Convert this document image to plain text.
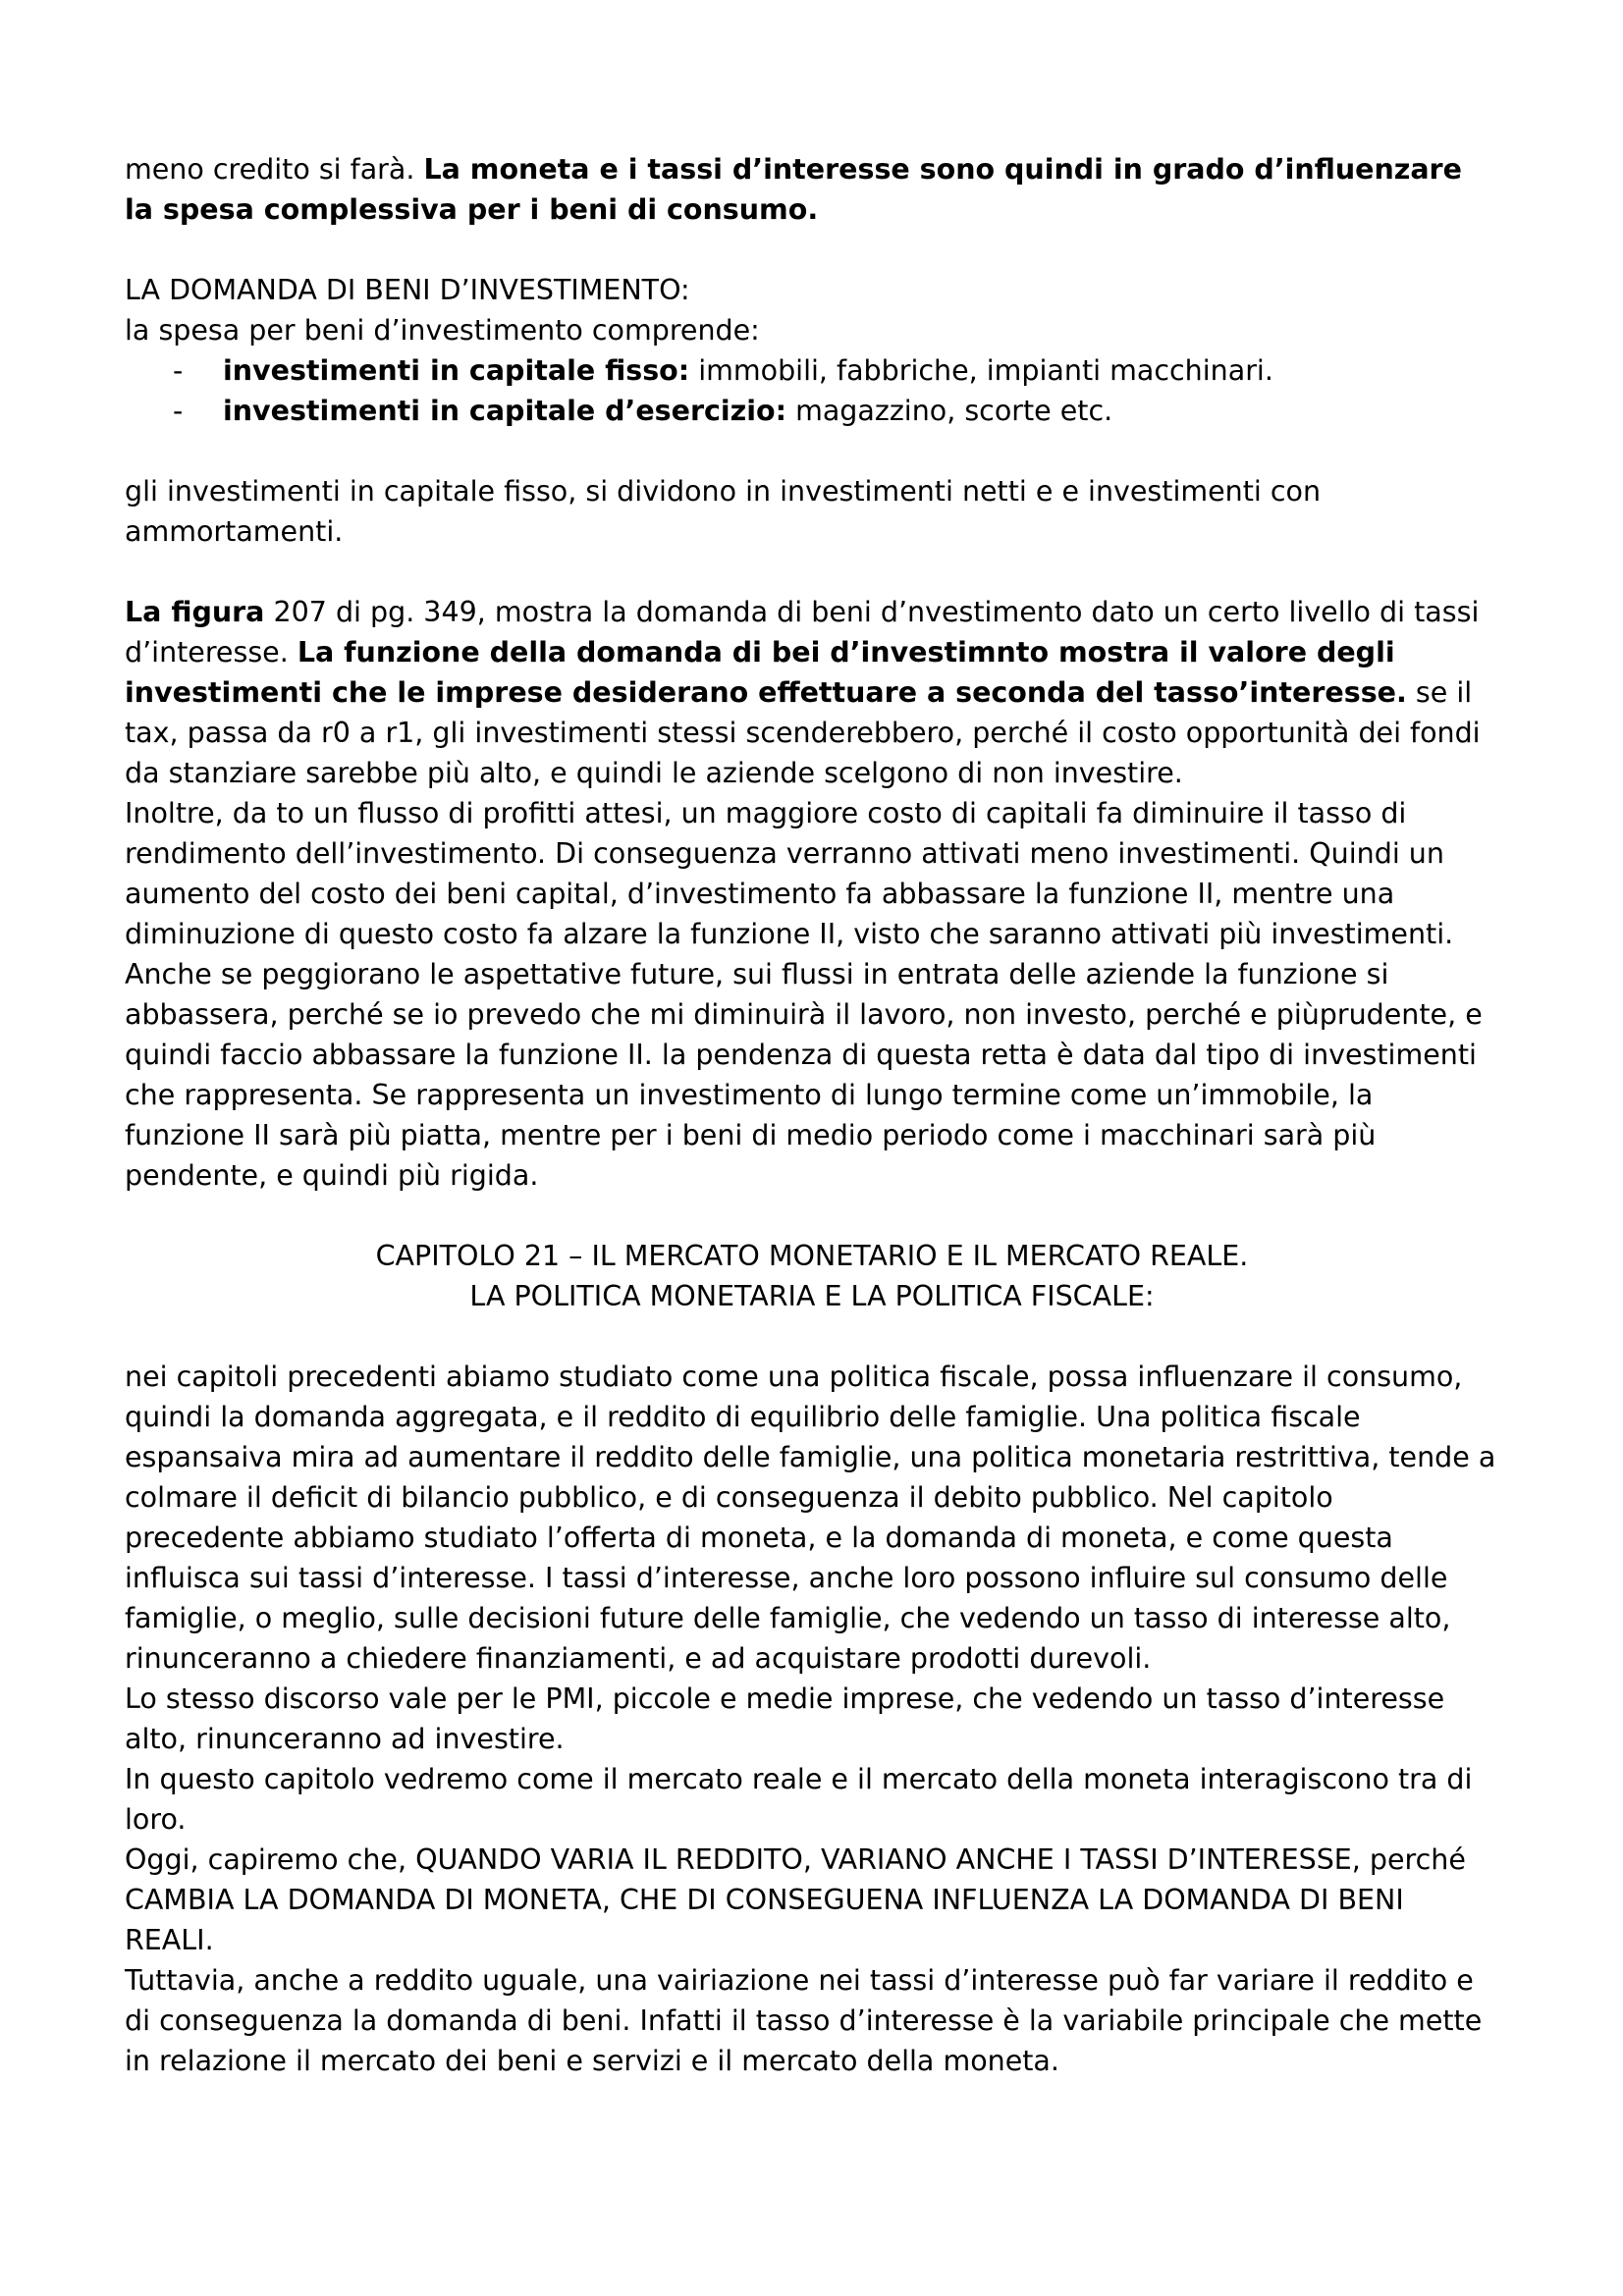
meno credito si farà. La moneta e i tassi d’interesse sono quindi in grado d’influenzare la spesa complessiva per i beni di consumo.

LA DOMANDA DI BENI D’INVESTIMENTO:

la spesa per beni d’investimento comprende:

- investimenti in capitale fisso: immobili, fabbriche, impianti macchinari.
- investimenti in capitale d’esercizio: magazzino, scorte etc.

gli investimenti in capitale fisso, si dividono in investimenti netti e e investimenti con ammortamenti.

La figura 207 di pg. 349, mostra la domanda di beni d’nvestimento dato un certo livello di tassi d’interesse. La funzione della domanda di bei d’investimnto mostra il valore degli investimenti che le imprese desiderano effettuare a seconda del tasso’interesse. se il tax, passa da r0 a r1, gli investimenti stessi scenderebbero, perché il costo opportunità dei fondi da stanziare sarebbe più alto, e quindi le aziende scelgono di non investire.

Inoltre, da to un flusso di profitti attesi, un maggiore costo di capitali fa diminuire il tasso di rendimento dell’investimento. Di conseguenza verranno attivati meno investimenti. Quindi un aumento del costo dei beni capital, d’investimento fa abbassare la funzione II, mentre una diminuzione di questo costo fa alzare la funzione II, visto che saranno attivati più investimenti. Anche se peggiorano le aspettative future, sui flussi in entrata delle aziende la funzione si abbassera, perché se io prevedo che mi diminuirà il lavoro, non investo, perché e piùprudente, e quindi faccio abbassare la funzione II. la pendenza di questa retta è data dal tipo di investimenti che rappresenta. Se rappresenta un investimento di lungo termine come un’immobile, la funzione II sarà più piatta, mentre per i beni di medio periodo come i macchinari sarà più pendente, e quindi più rigida.

CAPITOLO 21 – IL MERCATO MONETARIO E IL MERCATO REALE.

LA POLITICA MONETARIA E LA POLITICA FISCALE:

nei capitoli precedenti abiamo studiato come una politica fiscale, possa influenzare il consumo, quindi la domanda aggregata, e il reddito di equilibrio delle famiglie. Una politica fiscale espansaiva mira ad aumentare il reddito delle famiglie, una politica monetaria restrittiva, tende a colmare il deficit di bilancio pubblico, e di conseguenza il debito pubblico. Nel capitolo precedente abbiamo studiato l’offerta di moneta, e la domanda di moneta, e come questa influisca sui tassi d’interesse. I tassi d’interesse, anche loro possono influire sul consumo delle famiglie, o meglio, sulle decisioni future delle famiglie, che vedendo un tasso di interesse alto, rinunceranno a chiedere finanziamenti, e ad acquistare prodotti durevoli.

Lo stesso discorso vale per le PMI, piccole e medie imprese, che vedendo un tasso d’interesse alto, rinunceranno ad investire.

In questo capitolo vedremo come il mercato reale e il mercato della moneta interagiscono tra di loro.

Oggi, capiremo che, QUANDO VARIA IL REDDITO, VARIANO ANCHE I TASSI D’INTERESSE, perché CAMBIA LA DOMANDA DI MONETA, CHE DI CONSEGUENA INFLUENZA LA DOMANDA DI BENI REALI.

Tuttavia, anche a reddito uguale, una vairiazione nei tassi d’interesse può far variare il reddito e di conseguenza la domanda di beni. Infatti il tasso d’interesse è la variabile principale che mette in relazione il mercato dei beni e servizi e il mercato della moneta.
